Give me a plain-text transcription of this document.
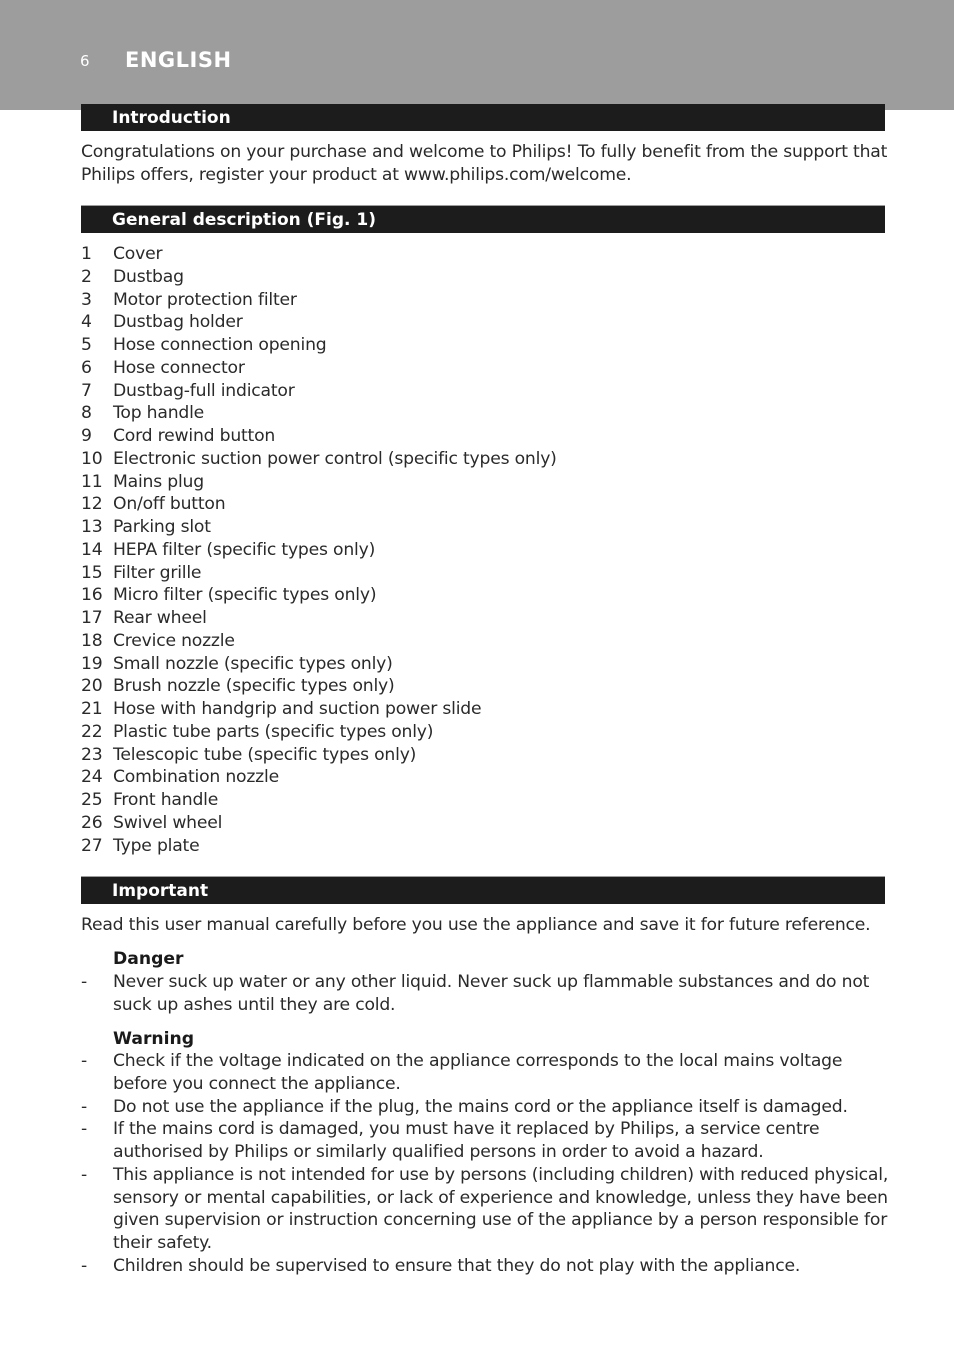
6 ENGLISH
Introduction
Congratulations on your purchase and welcome to Philips! To fully benefit from the support that
Philips offers, register your product at www.philips.com/welcome.
General description (Fig. 1)
1 Cover
2 Dustbag
3 Motor protection filter
4 Dustbag holder
5 Hose connection opening
6 Hose connector
7 Dustbag-full indicator
8 Top handle
9 Cord rewind button
10 Electronic suction power control (specific types only)
11 Mains plug
12 On/off button
13 Parking slot
14 HEPA filter (specific types only)
15 Filter grille
16 Micro filter (specific types only)
17 Rear wheel
18 Crevice nozzle
19 Small nozzle (specific types only)
20 Brush nozzle (specific types only)
21 Hose with handgrip and suction power slide
22 Plastic tube parts (specific types only)
23 Telescopic tube (specific types only)
24 Combination nozzle
25 Front handle
26 Swivel wheel
27 Type plate
Important
Read this user manual carefully before you use the appliance and save it for future reference.
Danger
- Never suck up water or any other liquid. Never suck up flammable substances and do not suck up ashes until they are cold.
Warning
- Check if the voltage indicated on the appliance corresponds to the local mains voltage before you connect the appliance.
- Do not use the appliance if the plug, the mains cord or the appliance itself is damaged.
- If the mains cord is damaged, you must have it replaced by Philips, a service centre authorised by Philips or similarly qualified persons in order to avoid a hazard.
- This appliance is not intended for use by persons (including children) with reduced physical, sensory or mental capabilities, or lack of experience and knowledge, unless they have been given supervision or instruction concerning use of the appliance by a person responsible for their safety.
- Children should be supervised to ensure that they do not play with the appliance.
